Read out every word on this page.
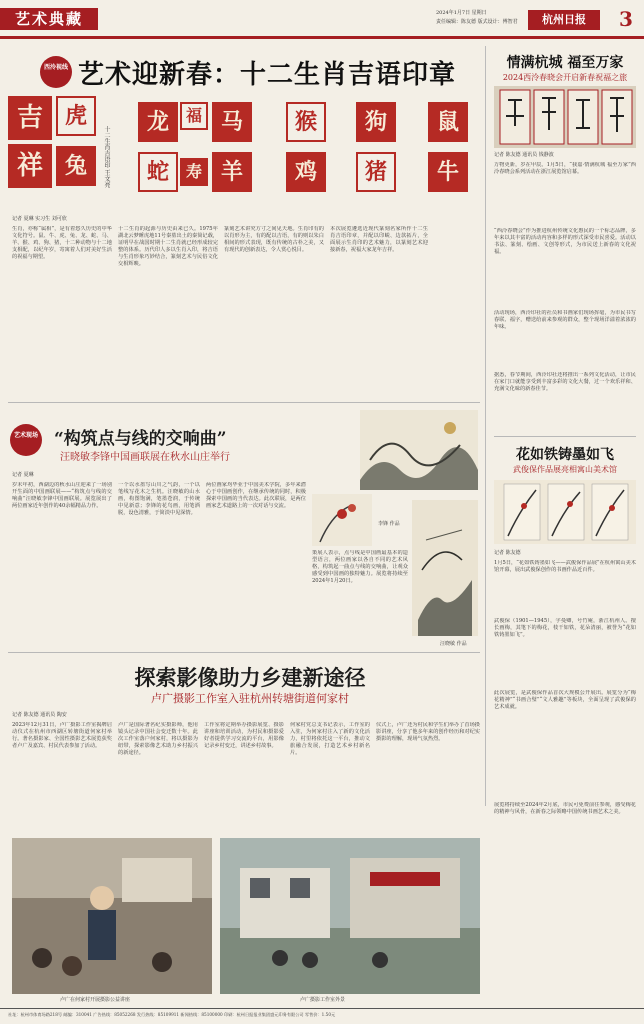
艺术典藏	2024年1月7日 星期日
责任编辑：陈友德 版式设计：傅智君	杭州日报	3
西泠视线 艺术迎新春：十二生肖吉语印章
吉
祥
虎
兔
龙
蛇
马
羊
猴
鸡
狗
猪
鼠
牛
福
寿
十二生肖吉语印 王文亮
记者 夏琳 实习生 刘可欣
生肖，亦称“属相”，是有着悠久历史的中华文化符号。鼠、牛、虎、兔、龙、蛇、马、羊、猴、鸡、狗、猪，十二种动物与十二地支相配，以纪年岁，寄寓着人们对美好生活的祝福与期望。
十二生肖的起源与历史由来已久。1975年湖北云梦睡虎地11号秦墓出土的秦简记载，证明早在战国时期十二生肖就已经形成较完整的体系。历代印人多以生肖入印，将吉语与生肖形象巧妙结合，篆刻艺术与民俗文化交相辉映。
篆刻艺术讲究方寸之间见天地。生肖印有的以肖形为主，有的配以吉语，有的则以朱白相间的形式表现，既有传统的古朴之美，又有现代的创新表达，令人赏心悦目。
本次展览遴选近现代篆刻名家所作十二生肖吉语印章，并配以印蜕、边款拓片，全面展示生肖印的艺术魅力，以篆刻艺术迎接新春，祝福大家龙年吉祥。
情满杭城 福至万家
2024西泠春晓会开启新春祝福之旅
记者 陈友德 通讯员 钱静波
万物更新，岁在甲辰。1月5日，“我嘉·情满杭城 福至万家”西泠春晓会系列活动在浙江展览馆启幕。
“西泠春晓会”作为推进杭州传统文化惠民的一个标志品牌，多年来以其丰富的活动内容和多样的形式深受市民喜爱。活动以书法、篆刻、绘画、文创等形式，为市民送上新春的文化祝福。
活动现场，西泠印社的社员和书画家们现场挥毫，为市民书写春联、福字，赠送给前来参观的群众，整个现场洋溢着浓浓的年味。
据悉，春节期间，西泠印社还将推出一系列文化活动，让市民在家门口就能享受到丰富多彩的文化大餐，过一个欢乐祥和、充满文化味的新春佳节。
艺术现场 “构筑点与线的交响曲”
汪晓敏李锋中国画联展在秋水山庄举行
记者 夏琳
岁末年初，西湖边的秋水山庄迎来了一场别开生面的中国画联展——“构筑点与线的交响曲”汪晓敏李锋中国画联展。展览展出了两位画家近年创作的40余幅精品力作。
一个以水墨写山川之气韵，一个以笔线写花木之生机。汪晓敏的山水画，构图饱满，笔墨苍润，于传统中见新意；李锋的花鸟画，用笔洒脱，设色清雅，于简淡中见深情。
两位画家均毕业于中国美术学院，多年来潜心于中国画创作，在继承传统的同时，积极探索中国画的当代表达。此次联展，是两位画家艺术道路上的一次对话与交流。
策展人表示，点与线是中国画最基本的造型语言，两位画家以各自不同的艺术风格，构筑起一曲点与线的交响曲，让观众感受到中国画的独特魅力。展览将持续至2024年1月20日。
李锋 作品
汪晓敏 作品
花如铁铸墨如飞
武俊保作品展亮相寓山美术馆
记者 陈友德
1月5日，“花如铁铸墨如飞——武俊保作品展”在杭州寓山美术馆开幕，展出武俊保创作的书画作品近百件。
武俊保（1901—1945），字曼卿，号竹庵，浙江杭州人。擅长画梅，其笔下的梅花，枝干如铁，花朵清丽，被誉为“花如铁铸墨如飞”。
此次展览，是武俊保作品首次大规模公开展出。展览分为“梅花精神”“书画合璧”“文人雅趣”等板块，全面呈现了武俊保的艺术成就。
展览将持续至2024年2月底，市民可免费前往参观，感受梅花的精神与风骨，在新春之际领略中国传统书画艺术之美。
探索影像助力乡建新途径
卢广摄影工作室入驻杭州转塘街道何家村
记者 陈友德 通讯员 陶安
2023年12月31日，卢广摄影工作室揭牌启动仪式在杭州市西湖区转塘街道何家村举行。著名摄影家、全国性摄影艺术展览获奖者卢广及嘉宾、村民代表参加了活动。
卢广是国际著名纪实摄影师，他用镜头记录中国社会变迁数十年。此次工作室落户何家村，将以摄影为纽带，探索影像艺术助力乡村振兴的新途径。
工作室将定期举办摄影展览、摄影讲座和培训活动，为村民和摄影爱好者提供学习交流的平台，用影像记录乡村变迁，讲述乡村故事。
何家村党总支书记表示，工作室的入驻，为何家村注入了新的文化活力，村里将依托这一平台，推动文旅融合发展，打造艺术乡村新名片。
仪式上，卢广还为村民和学生们举办了首场摄影讲座，分享了他多年来的创作经历和对纪实摄影的理解，现场气氛热烈。
卢广在何家村开展摄影公益讲座	卢广摄影工作室外景
社址：杭州市体育场路218号 邮编：310041 广告热线：85052268 发行热线：85109911 新闻热线：85100000 印刷：杭州日报报业集团盛元印务有限公司 零售价：1.50元
